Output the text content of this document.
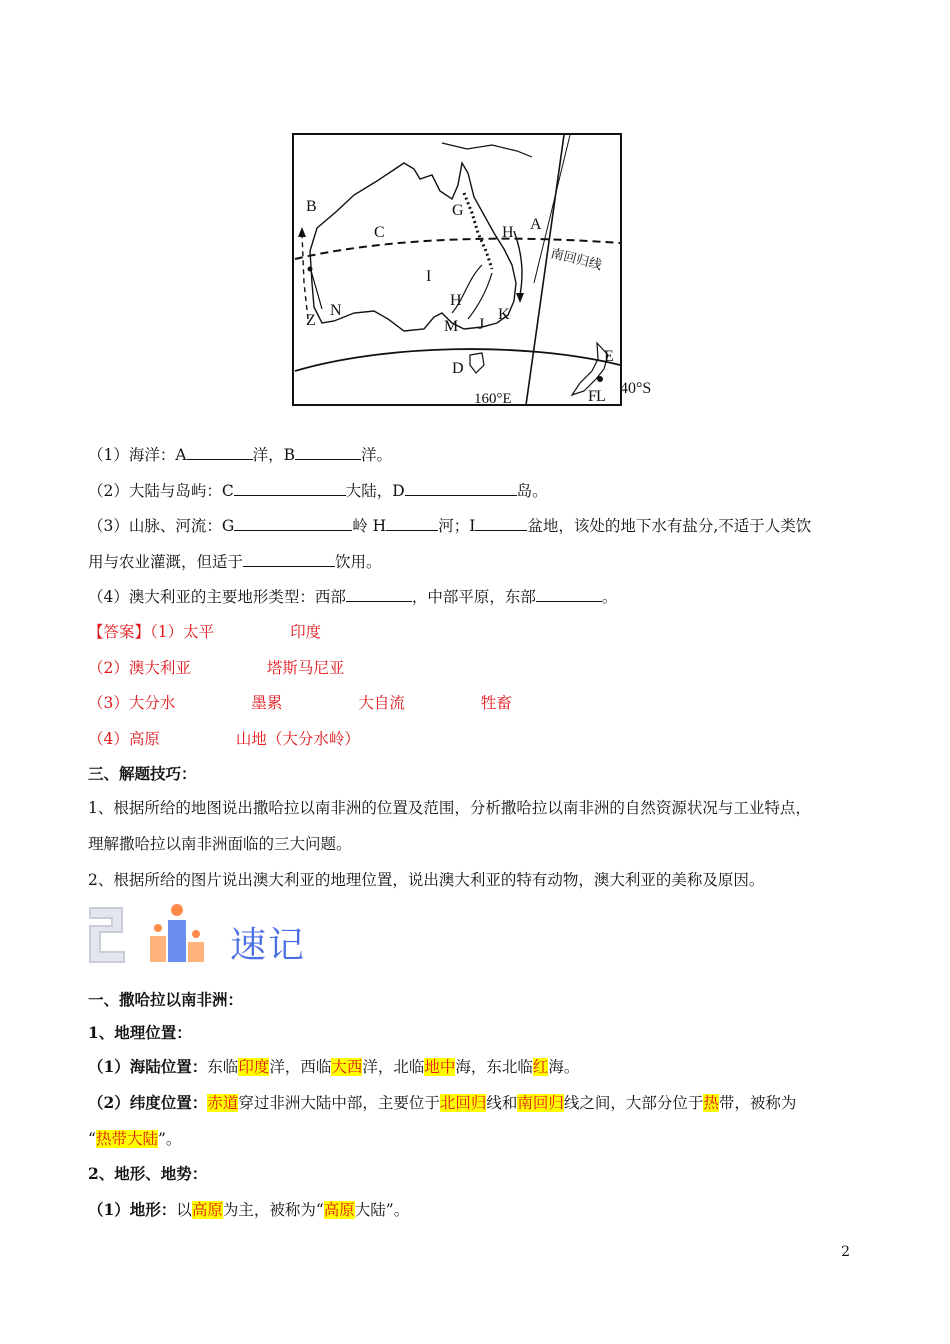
B
C
G
H A
I
H
Z
N
M J
K
D
E
F L
160°E
南回归线
40°S
（1）海洋：A	洋，B	洋。
（2）大陆与岛屿：C	大陆，D	岛。
（3）山脉、河流：G	岭 H	河；I	盆地，该处的地下水有盐分,不适于人类饮
用与农业灌溉，但适于	饮用。
（4）澳大利亚的主要地形类型：西部	，中部平原，东部	。
【答案】（1）太平	印度
（2）澳大利亚	塔斯马尼亚
（3）大分水	墨累	大自流	牲畜
（4）高原	山地（大分水岭）
三、解题技巧：
1、根据所给的地图说出撒哈拉以南非洲的位置及范围，分析撒哈拉以南非洲的自然资源状况与工业特点，
理解撒哈拉以南非洲面临的三大问题。
2、根据所给的图片说出澳大利亚的地理位置，说出澳大利亚的特有动物，澳大利亚的美称及原因。
速记
一、撒哈拉以南非洲：
1、地理位置：
（1）海陆位置：东临印度洋，西临大西洋，北临地中海，东北临红海。
（2）纬度位置：赤道穿过非洲大陆中部，主要位于北回归线和南回归线之间，大部分位于热带，被称为
“热带大陆”。
2、地形、地势：
（1）地形：以高原为主，被称为“高原大陆”。
2
